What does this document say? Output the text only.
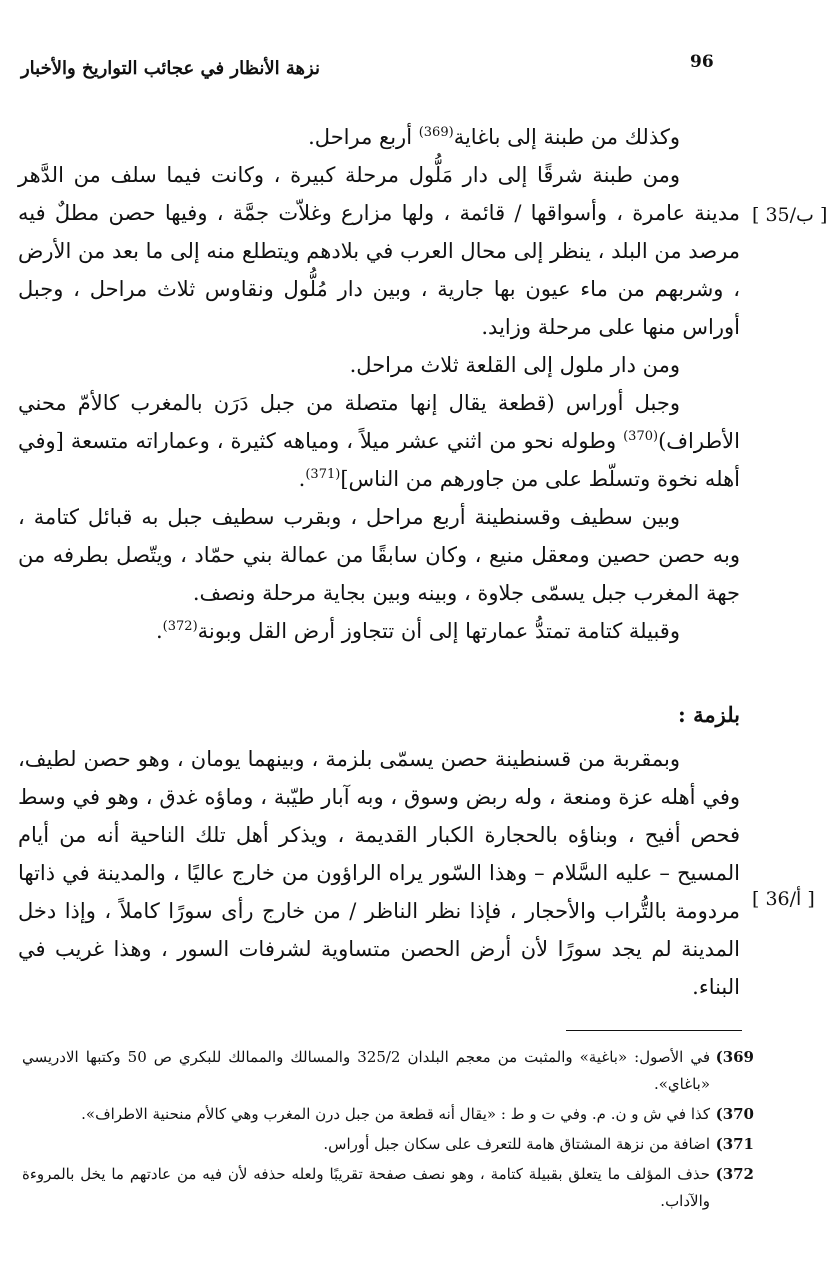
96
نزهة الأنظار في عجائب التواريخ والأخبار
[ 35/ب ]
[ 36/أ ]

وكذلك من طبنة إلى باغاية$^{(369)}$ أربع مراحل.

ومن طبنة شرقًا إلى دار مَلُّول مرحلة كبيرة ، وكانت فيما سلف من الدَّهر مدينة عامرة ، وأسواقها / قائمة ، ولها مزارع وغلاّت جمَّة ، وفيها حصن مطلٌ فيه مرصد من البلد ، ينظر إلى محال العرب في بلادهم ويتطلع منه إلى ما بعد من الأرض ، وشربهم من ماء عيون بها جارية ، وبين دار مُلُّول ونقاوس ثلاث مراحل ، وجبل أوراس منها على مرحلة وزايد.

ومن دار ملول إلى القلعة ثلاث مراحل.

وجبل أوراس (قطعة يقال إنها متصلة من جبل دَرَن بالمغرب كالأمّ محني الأطراف)$^{(370)}$ وطوله نحو من اثني عشر ميلاً ، ومياهه كثيرة ، وعماراته متسعة [وفي أهله نخوة وتسلّط على من جاورهم من الناس]$^{(371)}$.

وبين سطيف وقسنطينة أربع مراحل ، وبقرب سطيف جبل به قبائل كتامة ، وبه حصن حصين ومعقل منيع ، وكان سابقًا من عمالة بني حمّاد ، ويتّصل بطرفه من جهة المغرب جبل يسمّى جلاوة ، وبينه وبين بجاية مرحلة ونصف.

وقبيلة كتامة تمتدُّ عمارتها إلى أن تتجاوز أرض القل وبونة$^{(372)}$.

بلزمة :

وبمقربة من قسنطينة حصن يسمّى بلزمة ، وبينهما يومان ، وهو حصن لطيف، وفي أهله عزة ومنعة ، وله ربض وسوق ، وبه آبار طيّبة ، وماؤه غدق ، وهو في وسط فحص أفيح ، وبناؤه بالحجارة الكبار القديمة ، ويذكر أهل تلك الناحية أنه من أيام المسيح – عليه السَّلام – وهذا السّور يراه الراؤون من خارج عاليًا ، والمدينة في ذاتها مردومة بالتُّراب والأحجار ، فإذا نظر الناظر / من خارج رأى سورًا كاملاً ، وإذا دخل المدينة لم يجد سورًا لأن أرض الحصن متساوية لشرفات السور ، وهذا غريب في البناء.

369)
في الأصول: «باغية» والمثبت من معجم البلدان 325/2 والمسالك والممالك للبكري ص 50 وكتبها الادريسي «باغاي».
370)
كذا في ش و ن. م. وفي ت و ط : «يقال أنه قطعة من جبل درن المغرب وهي كالأم منحنية الاطراف».
371)
اضافة من نزهة المشتاق هامة للتعرف على سكان جبل أوراس.
372)
حذف المؤلف ما يتعلق بقبيلة كتامة ، وهو نصف صفحة تقريبًا ولعله حذفه لأن فيه من عادتهم ما يخل بالمروءة والآداب.
